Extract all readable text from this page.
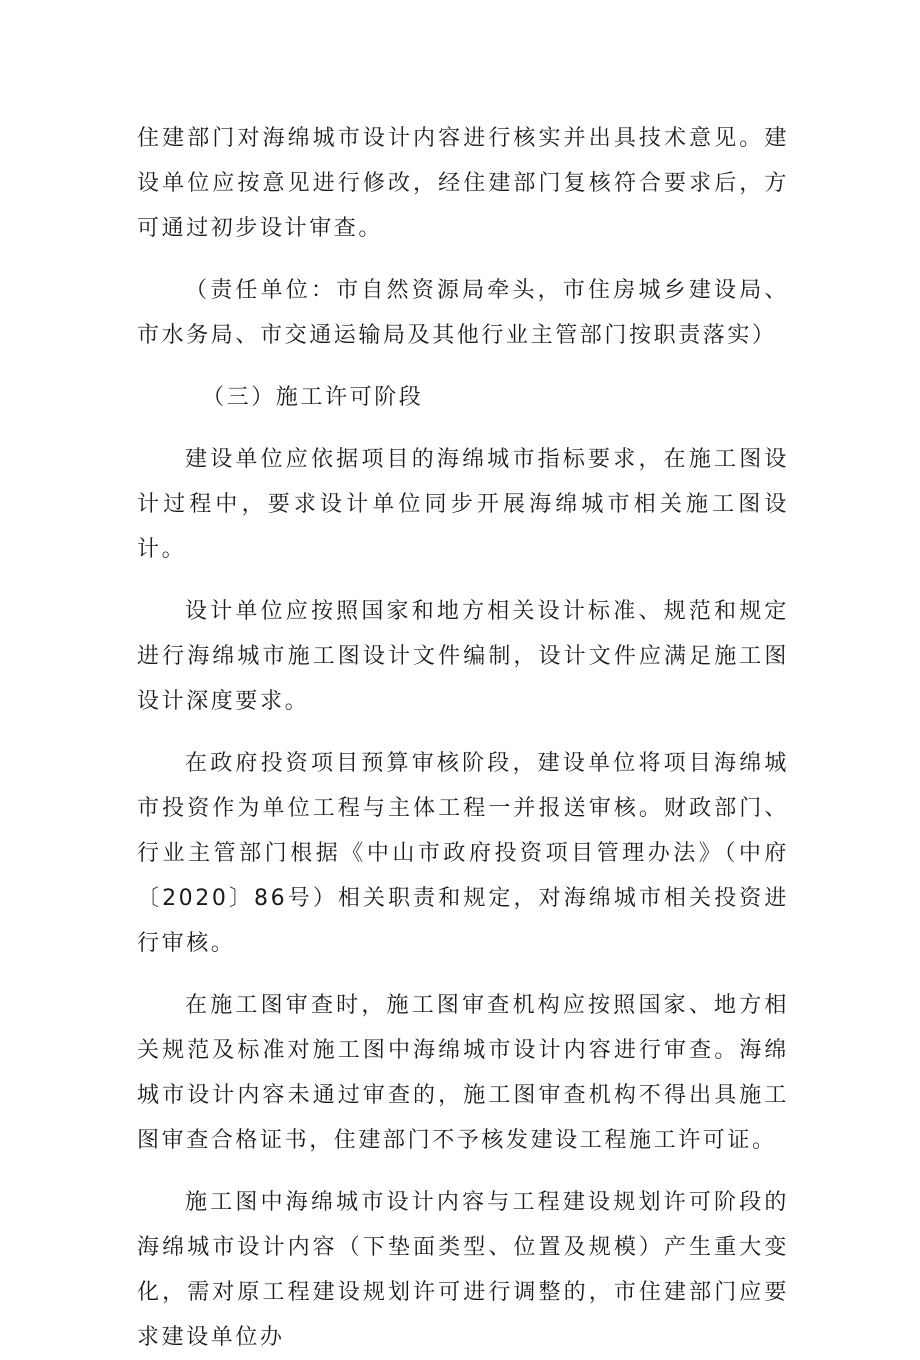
住建部门对海绵城市设计内容进行核实并出具技术意见。建设单位应按意见进行修改，经住建部门复核符合要求后，方可通过初步设计审查。

（责任单位：市自然资源局牵头，市住房城乡建设局、市水务局、市交通运输局及其他行业主管部门按职责落实）

（三）施工许可阶段

建设单位应依据项目的海绵城市指标要求，在施工图设计过程中，要求设计单位同步开展海绵城市相关施工图设计。

设计单位应按照国家和地方相关设计标准、规范和规定进行海绵城市施工图设计文件编制，设计文件应满足施工图设计深度要求。

在政府投资项目预算审核阶段，建设单位将项目海绵城市投资作为单位工程与主体工程一并报送审核。财政部门、行业主管部门根据《中山市政府投资项目管理办法》（中府〔2020〕86号）相关职责和规定，对海绵城市相关投资进行审核。

在施工图审查时，施工图审查机构应按照国家、地方相关规范及标准对施工图中海绵城市设计内容进行审查。海绵城市设计内容未通过审查的，施工图审查机构不得出具施工图审查合格证书，住建部门不予核发建设工程施工许可证。

施工图中海绵城市设计内容与工程建设规划许可阶段的海绵城市设计内容（下垫面类型、位置及规模）产生重大变化，需对原工程建设规划许可进行调整的，市住建部门应要求建设单位办
